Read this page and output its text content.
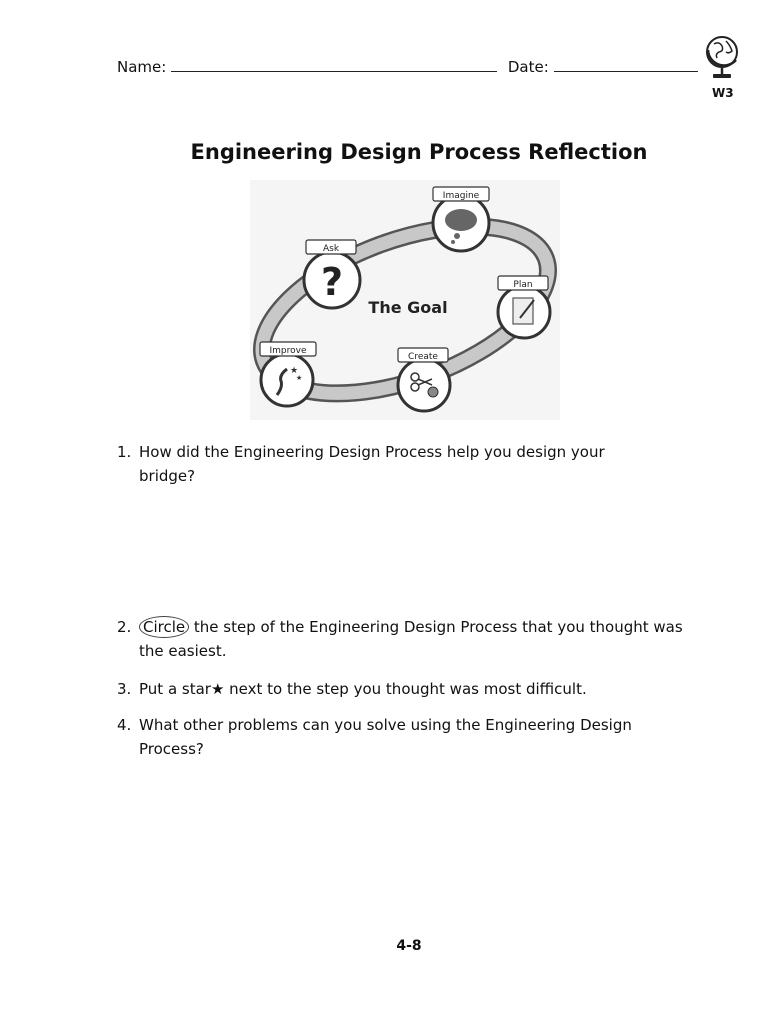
Name:	Date:
W3
Engineering Design Process Reflection
The Goal
?
Ask
Imagine
Plan
Create
★
★
Improve
1. How did the Engineering Design Process help you design your
bridge?
2. Circle the step of the Engineering Design Process that you thought was
the easiest.
3. Put a star★ next to the step you thought was most difficult.
4. What other problems can you solve using the Engineering Design
Process?
4-8
